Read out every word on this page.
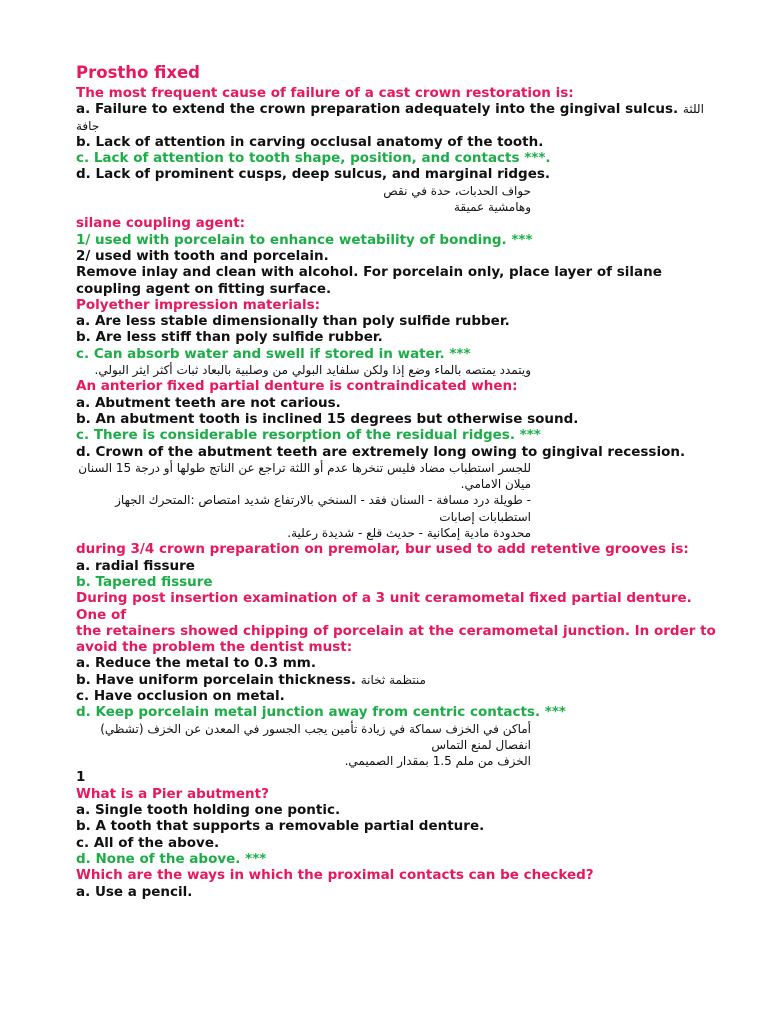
Prostho fixed
The most frequent cause of failure of a cast crown restoration is:
a. Failure to extend the crown preparation adequately into the gingival sulcus. اللثة جافة
b. Lack of attention in carving occlusal anatomy of the tooth.
c. Lack of attention to tooth shape, position, and contacts ***.
d. Lack of prominent cusps, deep sulcus, and marginal ridges.
حواف الحدبات، حدة في نقص
وهامشية عميقة
silane coupling agent:
1/ used with porcelain to enhance wetability of bonding. ***
2/ used with tooth and porcelain.
Remove inlay and clean with alcohol. For porcelain only, place layer of silane
coupling agent on fitting surface.
Polyether impression materials:
a. Are less stable dimensionally than poly sulfide rubber.
b. Are less stiff than poly sulfide rubber.
c. Can absorb water and swell if stored in water. ***
ويتمدد يمتصه بالماء وضع إذا ولكن سلفايد البولي من وصلبية بالبعاد ثبات أكثر ايثر البولي.
An anterior fixed partial denture is contraindicated when:
a. Abutment teeth are not carious.
b. An abutment tooth is inclined 15 degrees but otherwise sound.
c. There is considerable resorption of the residual ridges. ***
d. Crown of the abutment teeth are extremely long owing to gingival recession.
للجسر استطباب مضاد فليس تنخرها عدم أو اللثة تراجع عن الناتج طولها أو درجة 15 السنان ميلان الامامي.
- طويلة درد مسافة - السنان فقد - السنخي بالارتفاع شديد امتصاص :المتحرك الجهاز استطبابات إصابات
محدودة مادية إمكانية - حديث قلع - شديدة رعلية.
during 3/4 crown preparation on premolar, bur used to add retentive grooves is:
a. radial fissure
b. Tapered fissure
During post insertion examination of a 3 unit ceramometal fixed partial denture. One of
the retainers showed chipping of porcelain at the ceramometal junction. In order to
avoid the problem the dentist must:
a. Reduce the metal to 0.3 mm.
b. Have uniform porcelain thickness. منتظمة ثخانة
c. Have occlusion on metal.
d. Keep porcelain metal junction away from centric contacts. ***
أماكن في الخزف سماكة في زيادة تأمين يجب الجسور في المعدن عن الخزف (تشظي) انفصال لمنع التماس
الخزف من ملم 1.5 بمقدار الصميمي.
1
What is a Pier abutment?
a. Single tooth holding one pontic.
b. A tooth that supports a removable partial denture.
c. All of the above.
d. None of the above. ***
Which are the ways in which the proximal contacts can be checked?
a. Use a pencil.
